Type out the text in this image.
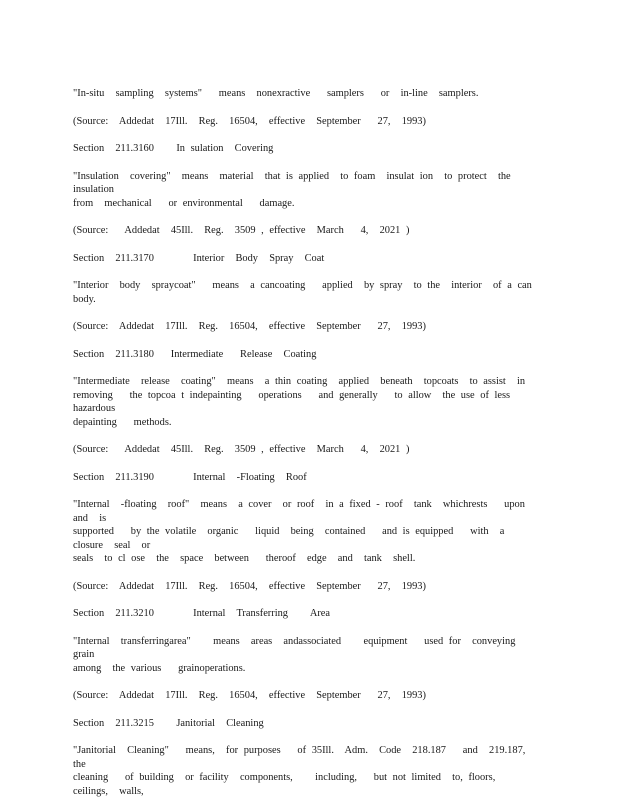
"In-situ  sampling  systems"   means  nonexractive   samplers   or  in-line  samplers.

(Source:  Addedat  17Ill.  Reg.  16504,  effective  September   27,  1993)

Section  211.3160    In sulation  Covering

"Insulation  covering"  means  material  that is applied  to foam  insulat ion  to protect  the insulation
from  mechanical   or environmental   damage.

(Source:   Addedat  45Ill.  Reg.  3509 , effective  March   4,  2021 )

Section  211.3170       Interior  Body  Spray  Coat

"Interior  body  spraycoat"   means  a cancoating   applied  by spray  to the  interior  of a can  body.

(Source:  Addedat  17Ill.  Reg.  16504,  effective  September   27,  1993)

Section  211.3180   Intermediate   Release  Coating

"Intermediate  release  coating"  means  a thin coating  applied  beneath  topcoats  to assist  in
removing   the topcoa t indepainting   operations   and generally   to allow  the use of less hazardous
depainting   methods.

(Source:   Addedat  45Ill.  Reg.  3509 , effective  March   4,  2021 )

Section  211.3190       Internal  -Floating  Roof

"Internal  -floating  roof"  means  a cover  or roof  in a fixed - roof  tank  whichrests   upon  and  is
supported   by the volatile  organic   liquid  being  contained   and is equipped   with  a closure  seal  or
seals  to cl ose  the  space  between   theroof  edge  and  tank  shell.

(Source:  Addedat  17Ill.  Reg.  16504,  effective  September   27,  1993)

Section  211.3210       Internal  Transferring    Area

"Internal  transferringarea"    means  areas  andassociated    equipment   used for  conveying  grain
among  the various   grainoperations.

(Source:  Addedat  17Ill.  Reg.  16504,  effective  September   27,  1993)

Section  211.3215    Janitorial  Cleaning

"Janitorial  Cleaning"   means,  for purposes   of 35Ill.  Adm.  Code  218.187   and  219.187,   the
cleaning   of building  or facility  components,    including,   but not limited  to, floors,  ceilings,  walls,
